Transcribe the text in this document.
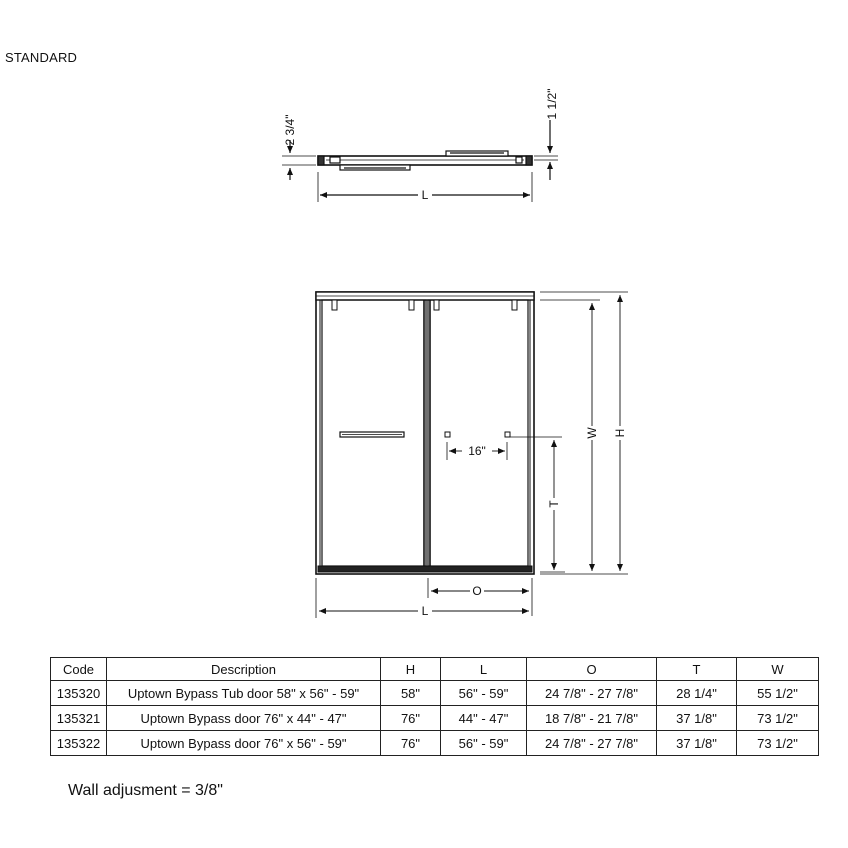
STANDARD
2 3/4"
1 1/2"
L
16"
W H
T
O
L
Code	Description	H	L	O	T	W
135320	Uptown Bypass Tub door 58" x 56" - 59"	58"	56" - 59"	24 7/8" - 27 7/8"	28 1/4"	55 1/2"
135321	Uptown Bypass door 76" x 44" - 47"	76"	44" - 47"	18 7/8" - 21 7/8"	37 1/8"	73 1/2"
135322	Uptown Bypass door 76" x 56" - 59"	76"	56" - 59"	24 7/8" - 27 7/8"	37 1/8"	73 1/2"
Wall adjusment = 3/8"
